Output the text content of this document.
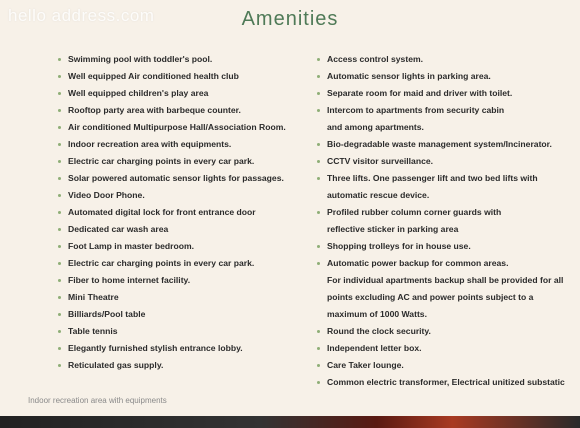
hello address.com	Amenities
Swimming pool with toddler's pool.
Well equipped Air conditioned health club
Well equipped children's play area
Rooftop party area with barbeque counter.
Air conditioned Multipurpose Hall/Association Room.
Indoor recreation area with equipments.
Electric car charging points in every car park.
Solar powered automatic sensor lights for passages.
Video Door Phone.
Automated digital lock for front entrance door
Dedicated car wash area
Foot Lamp in master bedroom.
Electric car charging points in every car park.
Fiber to home internet facility.
Mini Theatre
Billiards/Pool table
Table tennis
Elegantly furnished stylish entrance lobby.
Reticulated gas supply.
Access control system.
Automatic sensor lights in parking area.
Separate room for maid and driver with toilet.
Intercom to apartments from security cabin
and among apartments.
Bio-degradable waste management system/Incinerator.
CCTV visitor surveillance.
Three lifts. One passenger lift and two bed lifts with
automatic rescue device.
Profiled rubber column corner guards with
reflective sticker in parking area
Shopping trolleys for in house use.
Automatic power backup for common areas.
For individual apartments backup shall be provided for all
points excluding AC and power points subject to a
maximum of 1000 Watts.
Round the clock security.
Independent letter box.
Care Taker lounge.
Common electric transformer, Electrical unitized substatic
Indoor recreation area with equipments
